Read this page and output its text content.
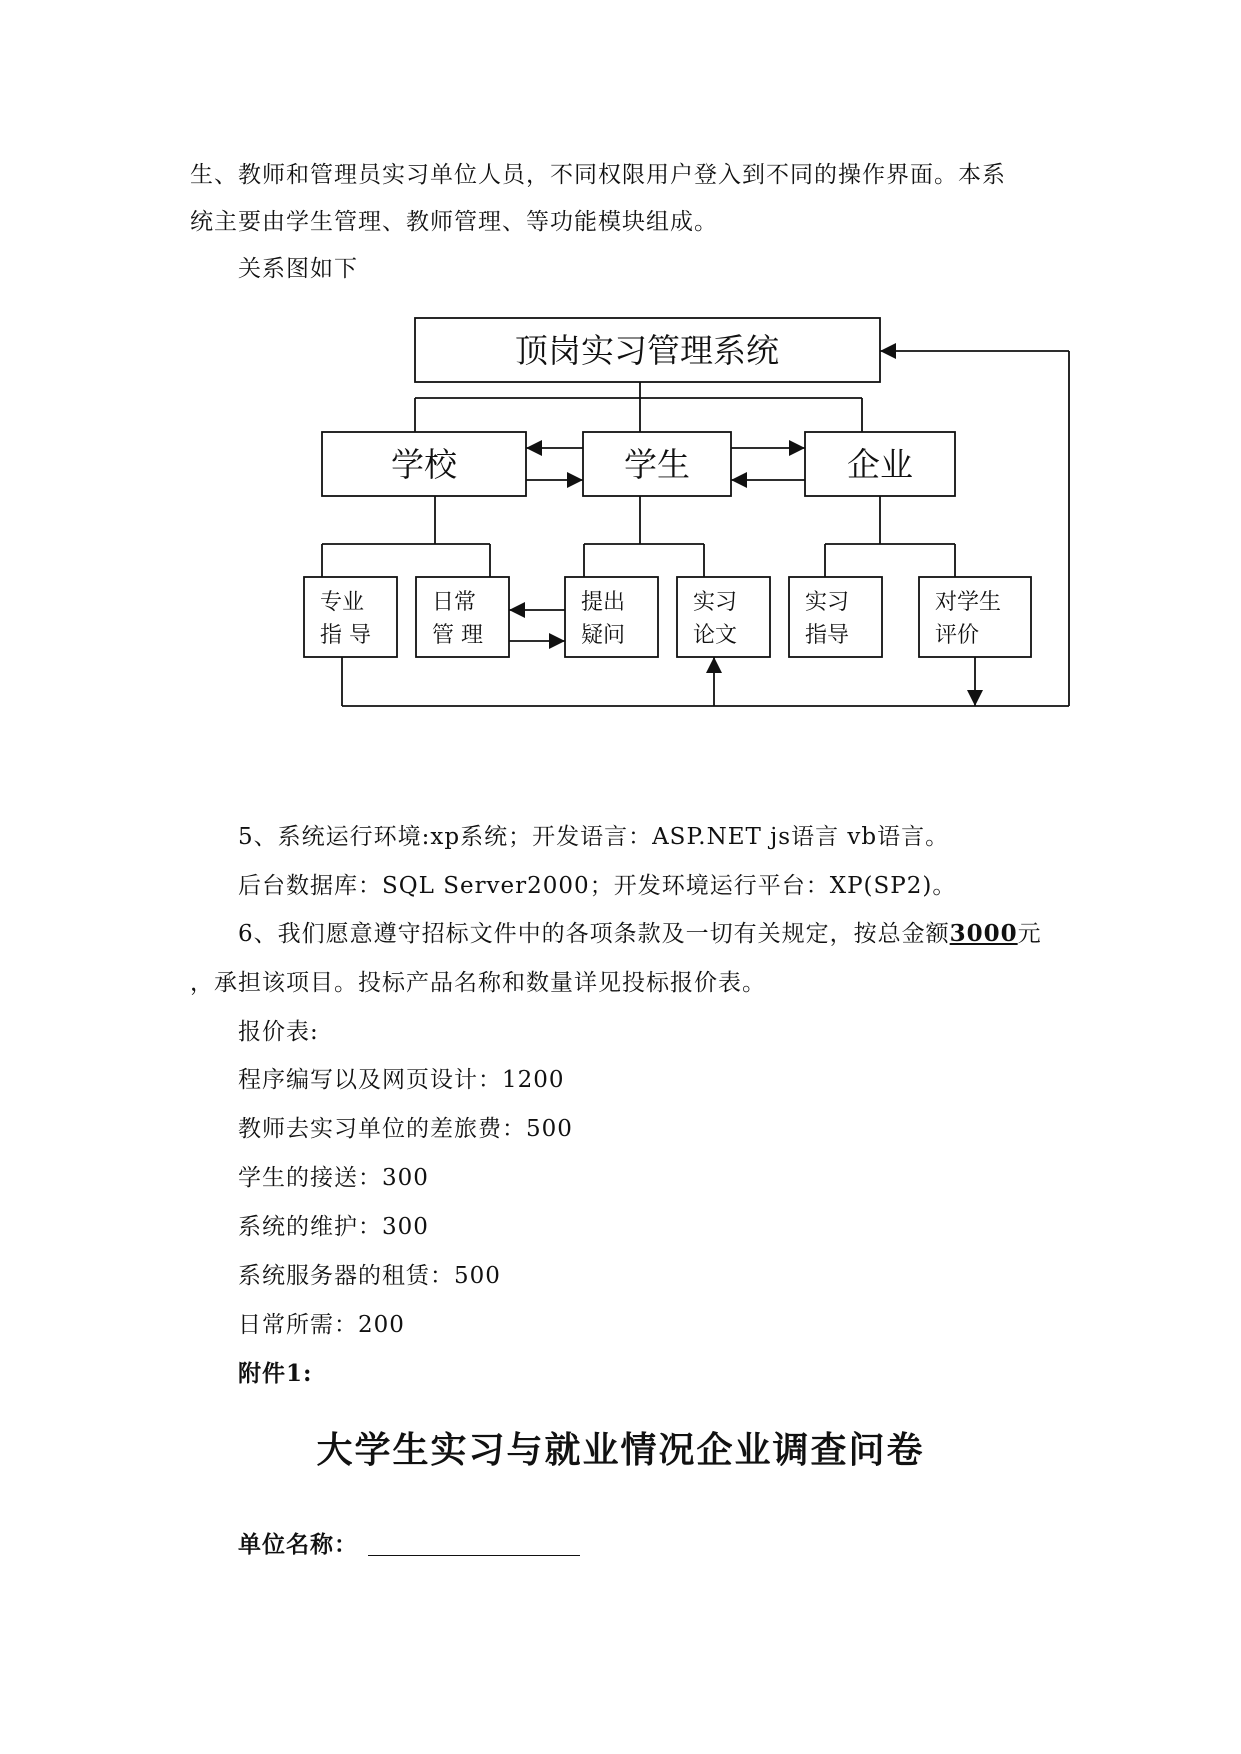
生、教师和管理员实习单位人员，不同权限用户登入到不同的操作界面。本系
统主要由学生管理、教师管理、等功能模块组成。
关系图如下
顶岗实习管理系统
学校	学生	企业
专业
指 导
日常
管 理
提出
疑问
实习
论文
实习
指导
对学生
评价
5、系统运行环境:xp系统；开发语言：ASP.NET js语言 vb语言。
后台数据库：SQL Server2000；开发环境运行平台：XP(SP2)。
6、我们愿意遵守招标文件中的各项条款及一切有关规定，按总金额3000元
，承担该项目。投标产品名称和数量详见投标报价表。
报价表:
程序编写以及网页设计：1200
教师去实习单位的差旅费：500
学生的接送：300
系统的维护：300
系统服务器的租赁：500
日常所需：200
附件1:
大学生实习与就业情况企业调查问卷
单位名称：
